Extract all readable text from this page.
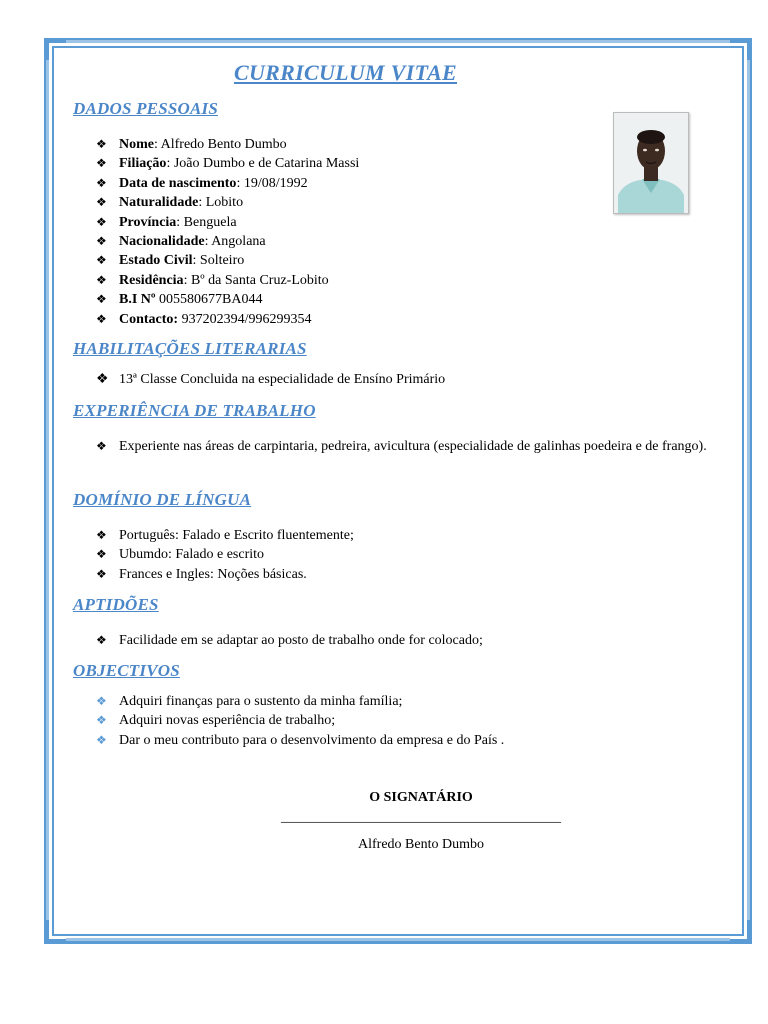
CURRICULUM VITAE
DADOS PESSOAIS
❖ Nome: Alfredo Bento Dumbo
❖ Filiação: João Dumbo e de Catarina Massi
❖ Data de nascimento: 19/08/1992
❖ Naturalidade: Lobito
❖ Província: Benguela
❖ Nacionalidade: Angolana
❖ Estado Civil: Solteiro
❖ Residência: Bº da Santa Cruz-Lobito
❖ B.I Nº 005580677BA044
❖ Contacto: 937202394/996299354
HABILITAÇÕES LITERARIAS
❖ 13ª Classe Concluida na especialidade de Ensíno Primário
EXPERIÊNCIA DE TRABALHO
❖ Experiente nas áreas de carpintaria, pedreira, avicultura (especialidade de galinhas poedeira e de frango).
DOMÍNIO DE LÍNGUA
❖ Português: Falado e Escrito fluentemente;
❖ Ubumdo: Falado e escrito
❖ Frances e Ingles: Noções básicas.
APTIDÕES
❖ Facilidade em se adaptar ao posto de trabalho onde for colocado;
OBJECTIVOS
❖ Adquiri finanças para o sustento da minha família;
❖ Adquiri novas esperiência de trabalho;
❖ Dar o meu contributo para o desenvolvimento da empresa e do País .
O SIGNATÁRIO
________________________________________
Alfredo Bento Dumbo
